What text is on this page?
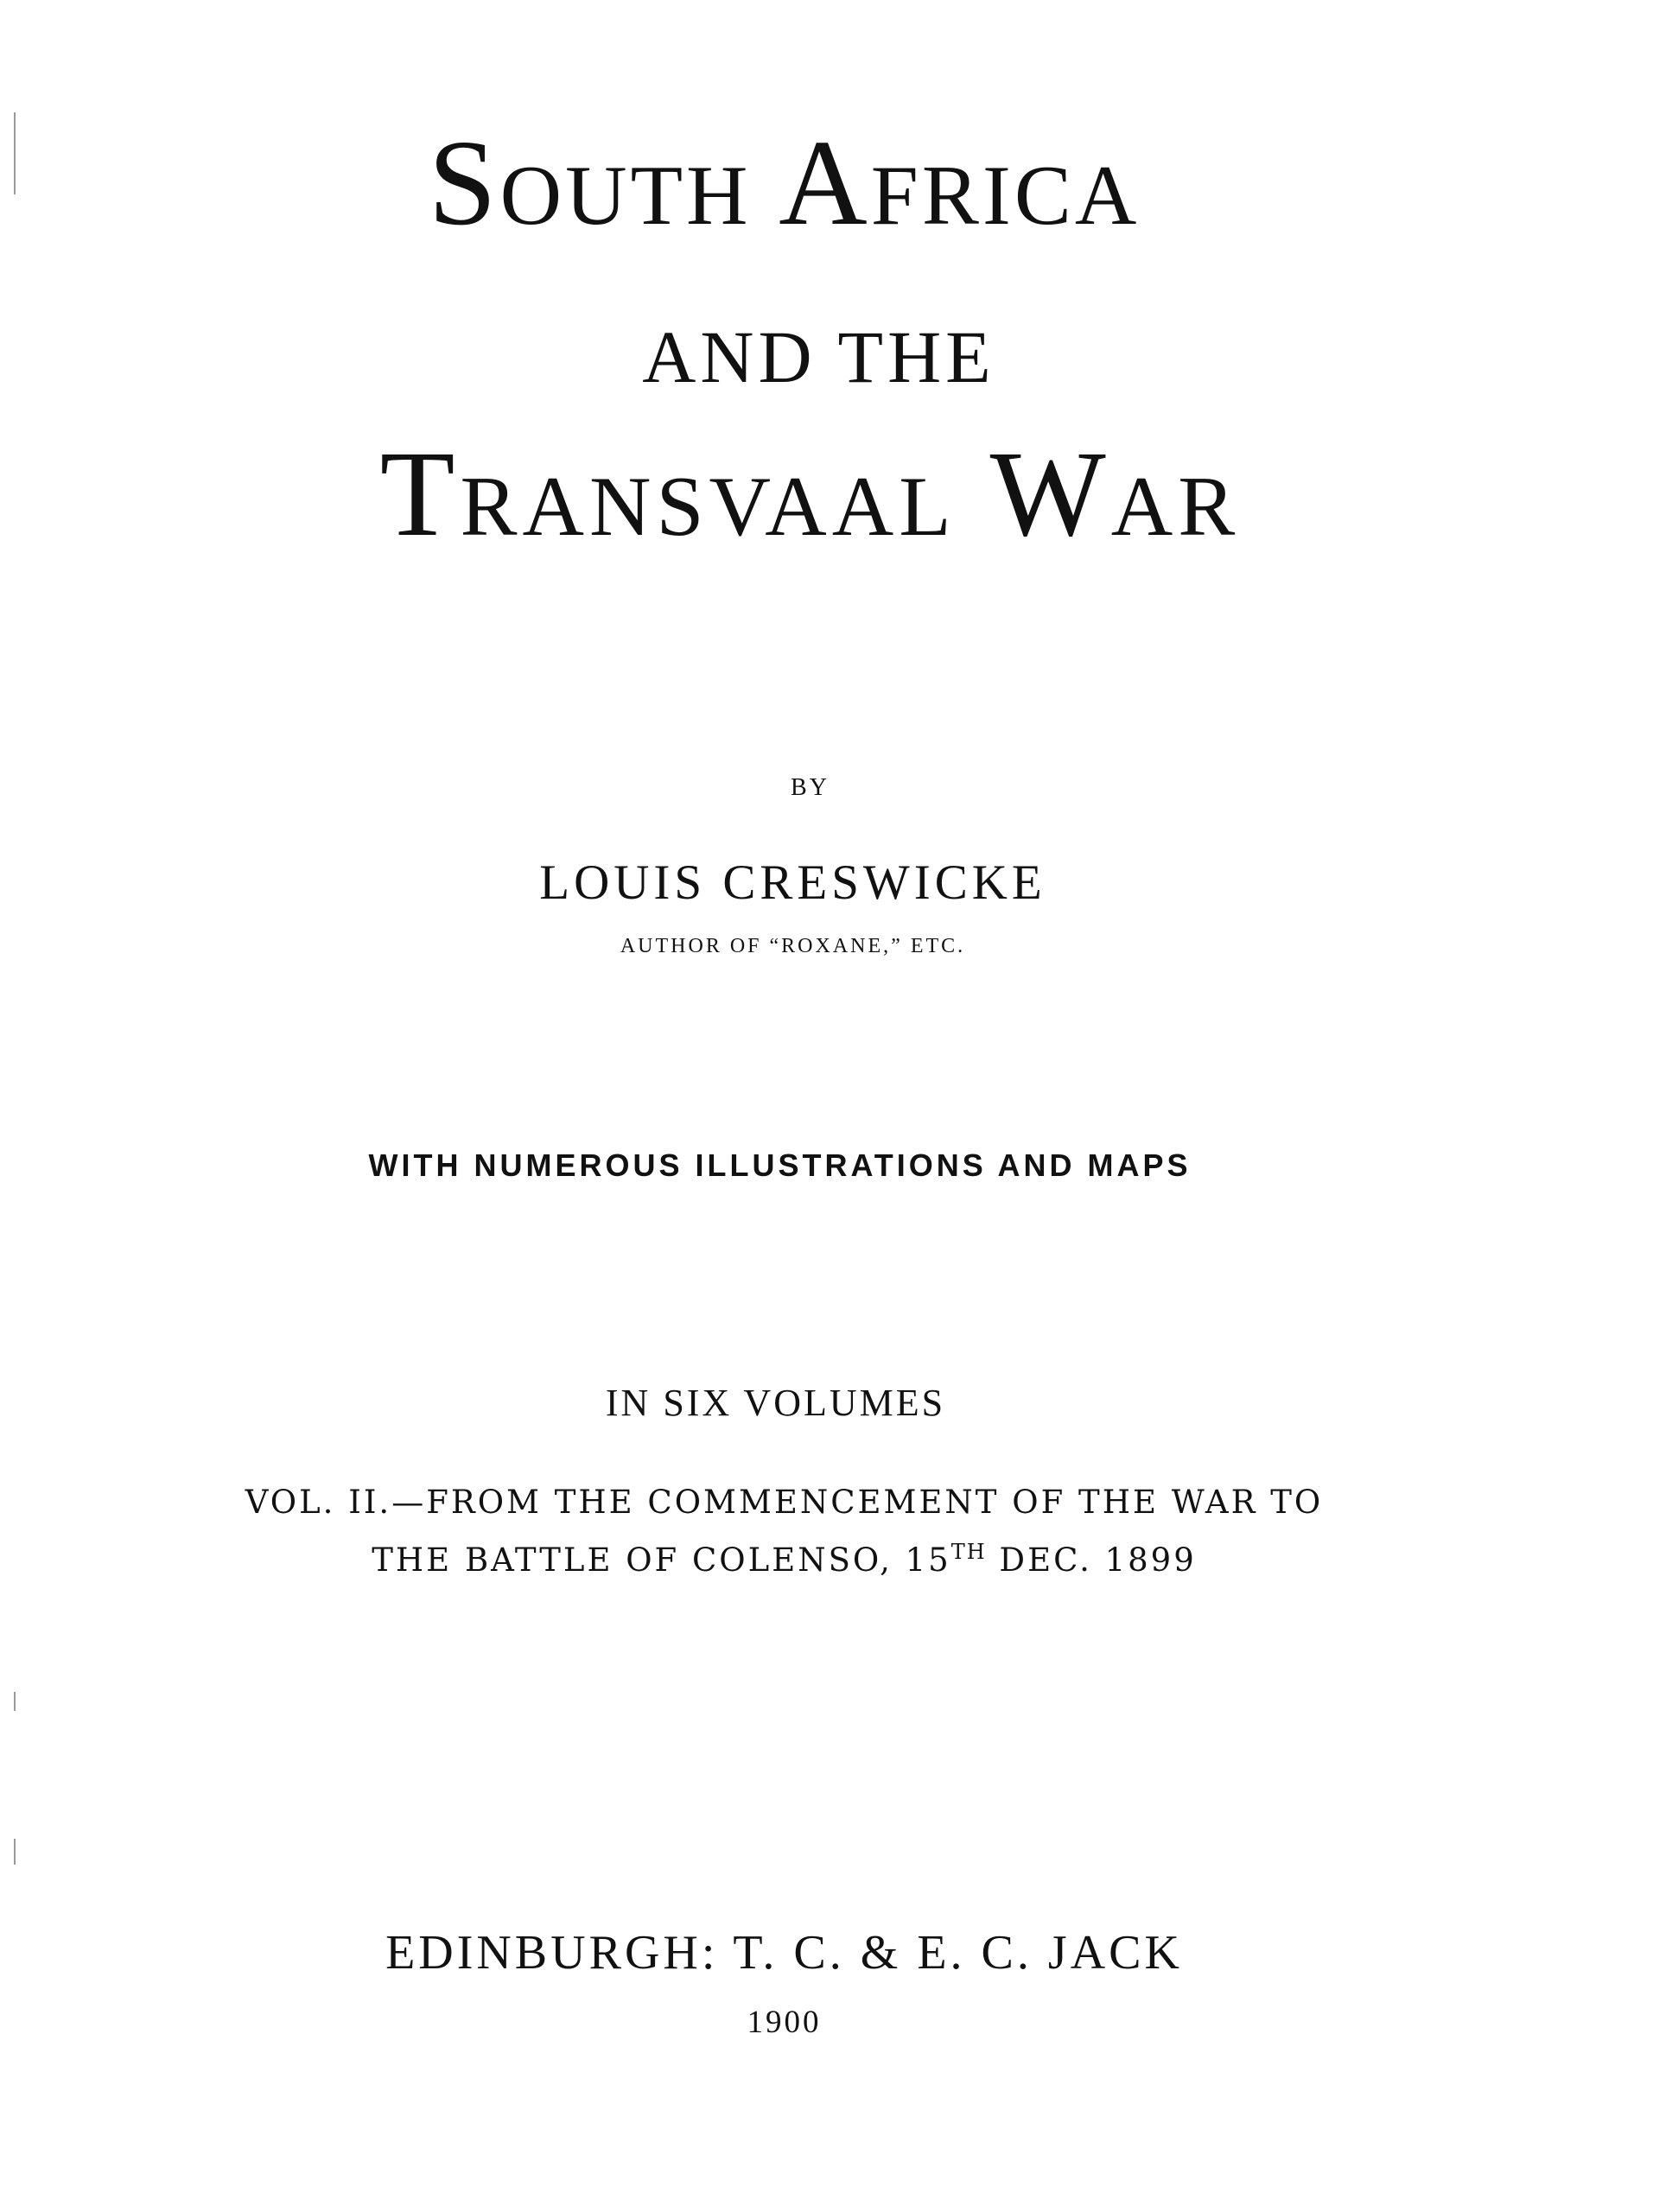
South Africa
AND THE
Transvaal War
BY
LOUIS CRESWICKE
AUTHOR OF “ROXANE,” ETC.
WITH NUMEROUS ILLUSTRATIONS AND MAPS
IN SIX VOLUMES
VOL. II.—FROM THE COMMENCEMENT OF THE WAR TO
THE BATTLE OF COLENSO, 15TH DEC. 1899
EDINBURGH: T. C. & E. C. JACK
1900
